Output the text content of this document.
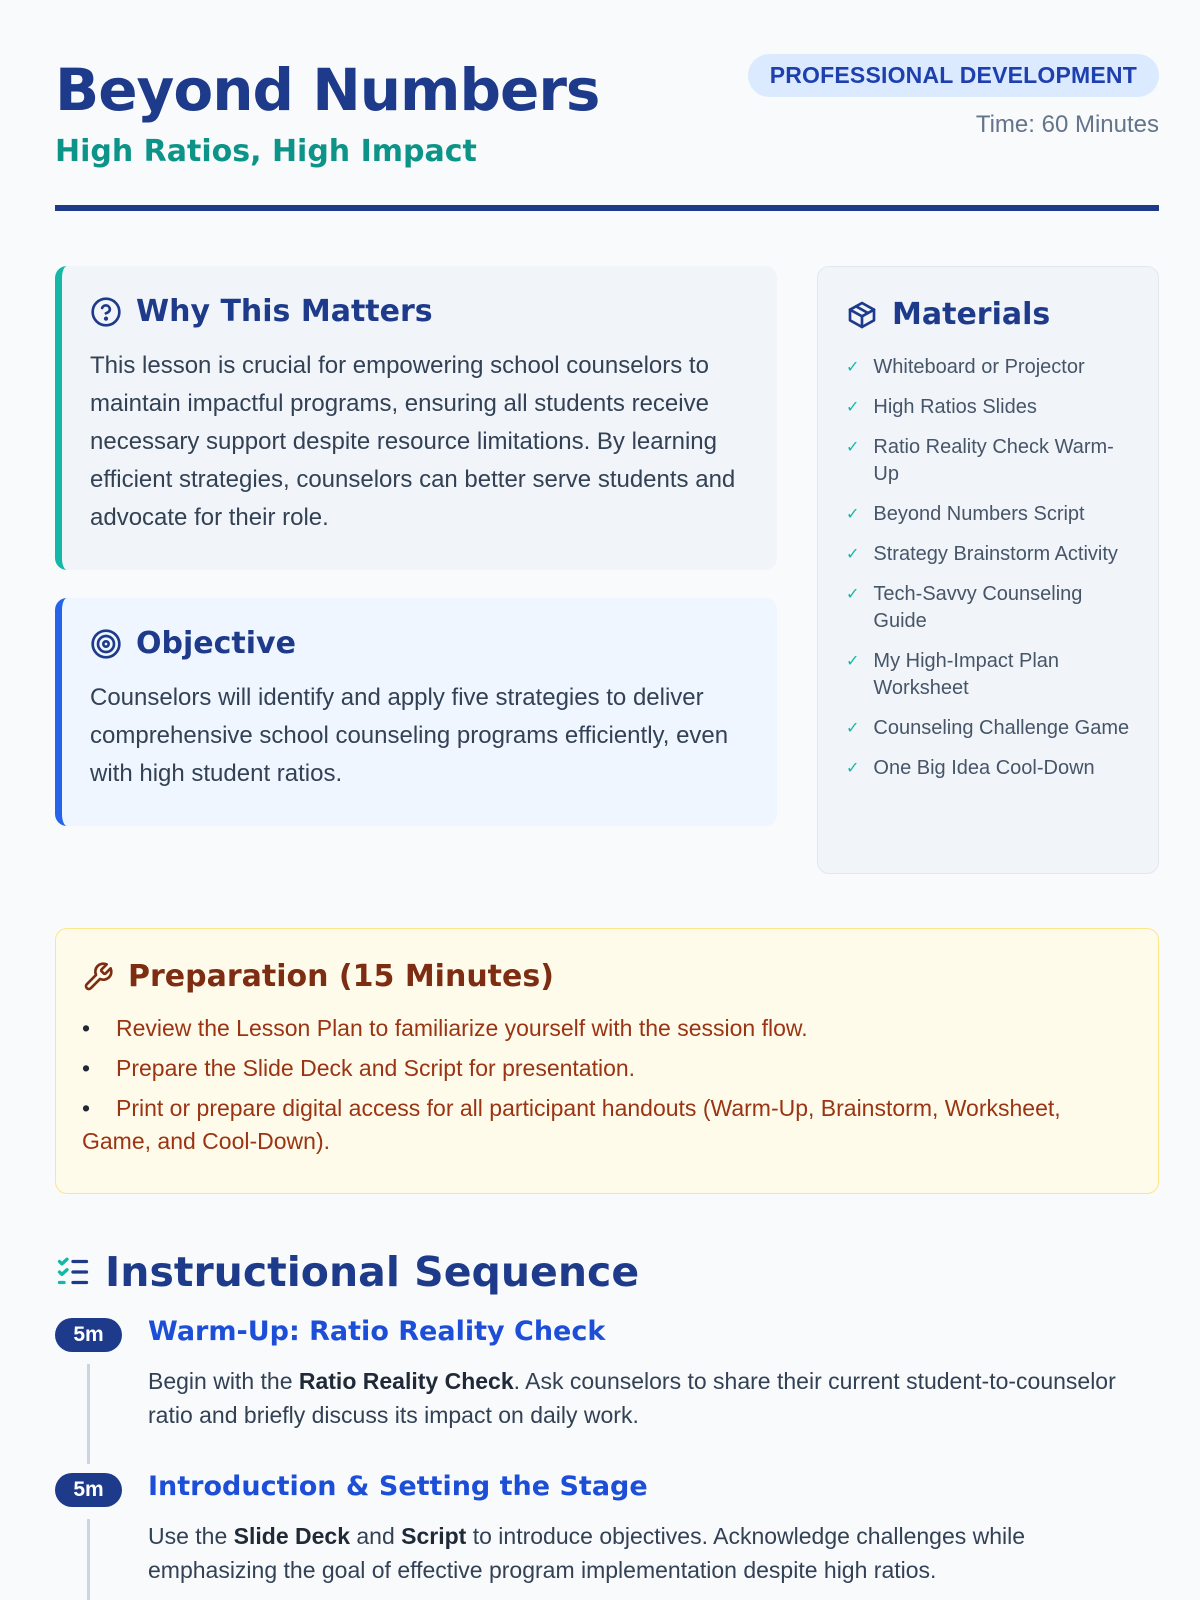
Beyond Numbers
High Ratios, High Impact
PROFESSIONAL DEVELOPMENT
Time: 60 Minutes
Why This Matters

This lesson is crucial for empowering school counselors to maintain impactful programs, ensuring all students receive necessary support despite resource limitations. By learning efficient strategies, counselors can better serve students and advocate for their role.

Objective

Counselors will identify and apply five strategies to deliver comprehensive school counseling programs efficiently, even with high student ratios.

Materials
✓ Whiteboard or Projector
✓ High Ratios Slides
✓ Ratio Reality Check Warm-Up
✓ Beyond Numbers Script
✓ Strategy Brainstorm Activity
✓ Tech-Savvy Counseling Guide
✓ My High-Impact Plan Worksheet
✓ Counseling Challenge Game
✓ One Big Idea Cool-Down
Preparation (15 Minutes)
• Review the Lesson Plan to familiarize yourself with the session flow.
• Prepare the Slide Deck and Script for presentation.
• Print or prepare digital access for all participant handouts (Warm-Up, Brainstorm, Worksheet, Game, and Cool-Down).
Instructional Sequence
5m	Warm-Up: Ratio Reality Check

Begin with the Ratio Reality Check. Ask counselors to share their current student-to-counselor ratio and briefly discuss its impact on daily work.

5m	Introduction & Setting the Stage

Use the Slide Deck and Script to introduce objectives. Acknowledge challenges while emphasizing the goal of effective program implementation despite high ratios.
